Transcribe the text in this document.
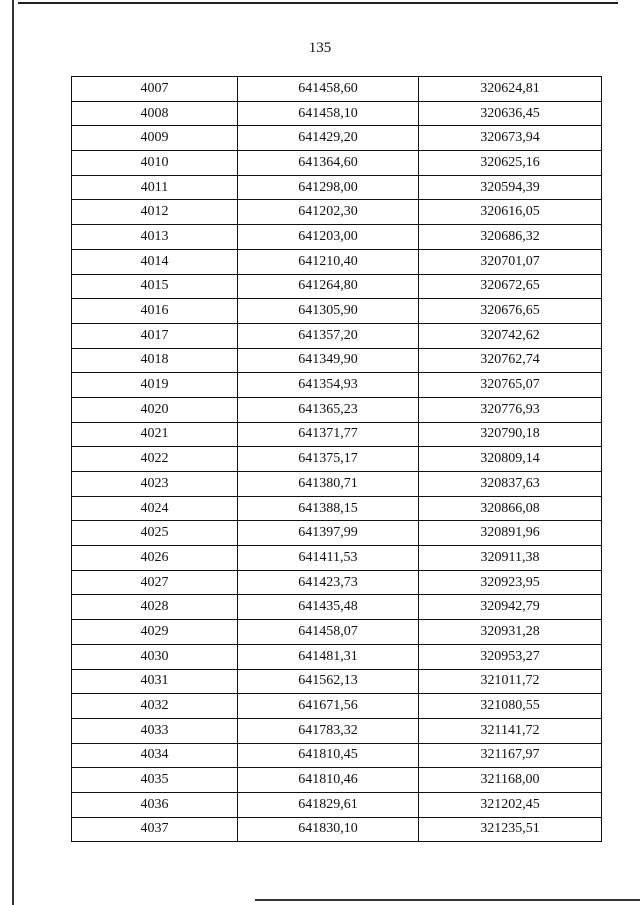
135
4007	641458,60	320624,81
4008	641458,10	320636,45
4009	641429,20	320673,94
4010	641364,60	320625,16
4011	641298,00	320594,39
4012	641202,30	320616,05
4013	641203,00	320686,32
4014	641210,40	320701,07
4015	641264,80	320672,65
4016	641305,90	320676,65
4017	641357,20	320742,62
4018	641349,90	320762,74
4019	641354,93	320765,07
4020	641365,23	320776,93
4021	641371,77	320790,18
4022	641375,17	320809,14
4023	641380,71	320837,63
4024	641388,15	320866,08
4025	641397,99	320891,96
4026	641411,53	320911,38
4027	641423,73	320923,95
4028	641435,48	320942,79
4029	641458,07	320931,28
4030	641481,31	320953,27
4031	641562,13	321011,72
4032	641671,56	321080,55
4033	641783,32	321141,72
4034	641810,45	321167,97
4035	641810,46	321168,00
4036	641829,61	321202,45
4037	641830,10	321235,51
